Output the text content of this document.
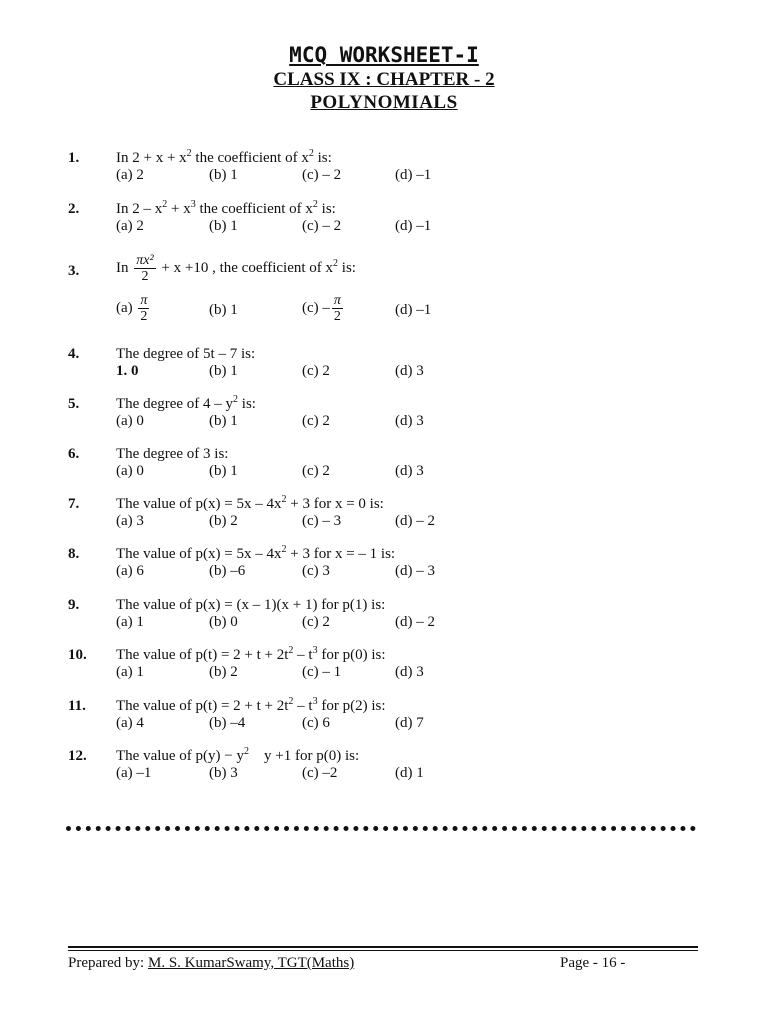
MCQ WORKSHEET-I
CLASS IX : CHAPTER - 2
POLYNOMIALS
1. In $2 + x + x^2$ the coefficient of $x^2$ is:
(a) 2	(b) 1	(c) – 2	(d) –1
2. In $2 - x^2 + x^3$ the coefficient of $x^2$ is:
(a) 2	(b) 1	(c) – 2	(d) –1
3. In $\frac{\text{πx²}}{2} + x +10$ , the coefficient of $x^2$ is:
$(a) \frac{\pi}{2}$	(b) 1	$(c) - \frac{\pi}{2}$	(d) –1
4. The degree of 5t – 7 is:
1. 0	(b) 1	(c) 2	(d) 3
5. The degree of $4 - y^2$ is:
(a) 0	(b) 1	(c) 2	(d) 3
6. The degree of 3 is:
(a) 0	(b) 1	(c) 2	(d) 3
7. The value of $p(x) = 5x - 4x^2 + 3$ for x = 0 is:
(a) 3	(b) 2	(c) – 3	(d) – 2
8. The value of $p(x) = 5x - 4x^2 + 3$ for x = – 1 is:
(a) 6	(b) –6	(c) 3	(d) – 3
9. The value of p(x) = (x – 1)(x + 1) for p(1) is:
(a) 1	(b) 0	(c) 2	(d) – 2
10. The value of $p(t) = 2 + t + 2t^2 - t^3$ for p(0) is:
(a) 1	(b) 2	(c) – 1	(d) 3
11. The value of $p(t) = 2 + t + 2t^2 - t^3$ for p(2) is:
(a) 4	(b) –4	(c) 6	(d) 7
12. The value of $p(y) - y^2$    y +1 for p(0) is:
(a) –1	(b) 3	(c) –2	(d) 1
Prepared by: M. S. KumarSwamy, TGT(Maths)	Page - 16 -
